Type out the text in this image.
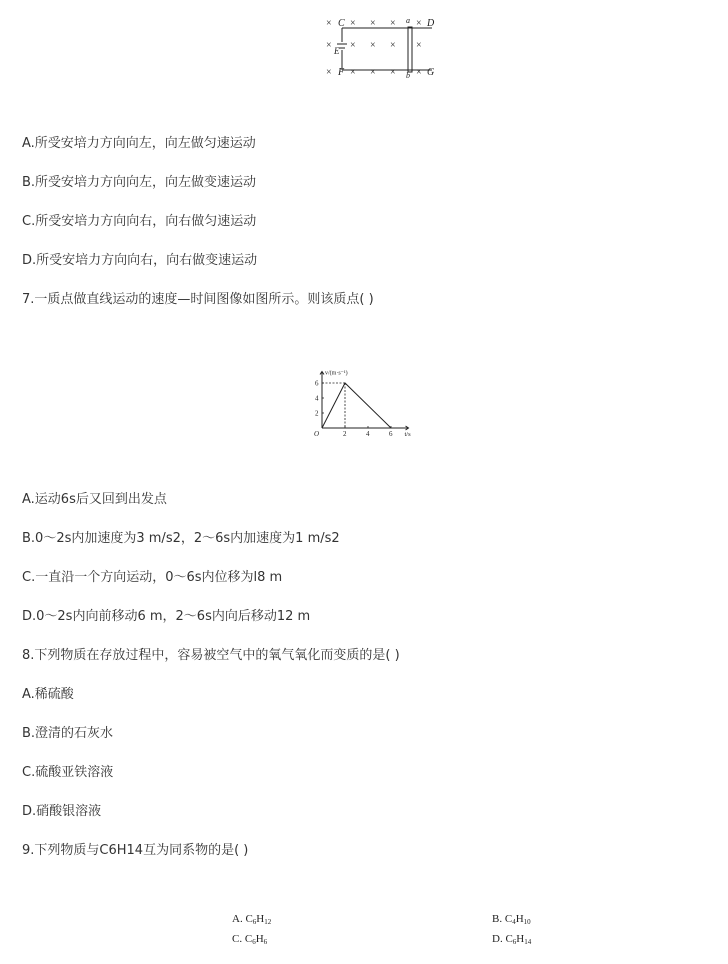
× × × × ×
× × × × ×
× × × × ×
C	a D
E
F	b G
A.所受安培力方向向左，向左做匀速运动
B.所受安培力方向向左，向左做变速运动
C.所受安培力方向向右，向右做匀速运动
D.所受安培力方向向右，向右做变速运动
7.一质点做直线运动的速度—时间图像如图所示。则该质点( )
2	4	6
2
4
6
O
v/(m·s⁻¹)
t/s
A.运动6s后又回到出发点
B.0～2s内加速度为3 m/s2，2～6s内加速度为1 m/s2
C.一直沿一个方向运动，0～6s内位移为l8 m
D.0～2s内向前移动6 m，2～6s内向后移动12 m
8.下列物质在存放过程中，容易被空气中的氧气氧化而变质的是( )
A.稀硫酸
B.澄清的石灰水
C.硫酸亚铁溶液
D.硝酸银溶液
9.下列物质与C6H14互为同系物的是( )
A. $C_6H_{12}$	B. $C_4H_{10}$
C. $C_6H_6$	D. $C_6H_{14}$
